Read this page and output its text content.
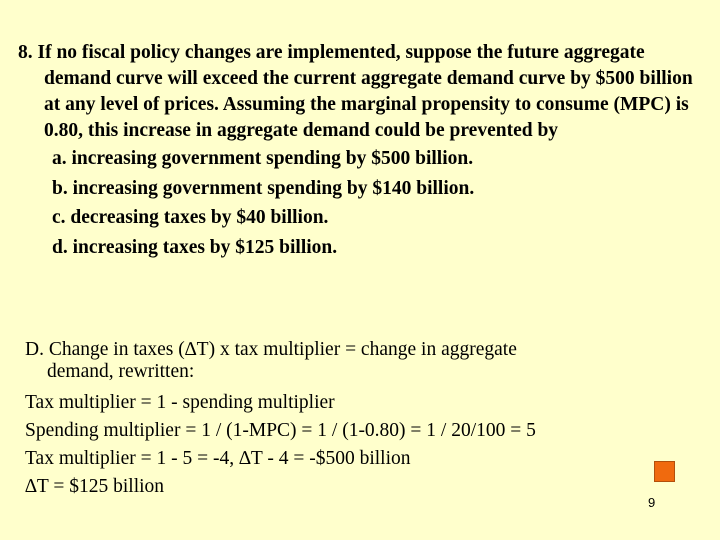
8. If no fiscal policy changes are implemented, suppose the future aggregate demand curve will exceed the current aggregate demand curve by $500 billion at any level of prices. Assuming the marginal propensity to consume (MPC) is 0.80, this increase in aggregate demand could be prevented by
a. increasing government spending by $500 billion.
b. increasing government spending by $140 billion.
c. decreasing taxes by $40 billion.
d. increasing taxes by $125 billion.
D. Change in taxes (∆T) x tax multiplier = change in aggregate
demand, rewritten:
Tax multiplier = 1 - spending multiplier
Spending multiplier = 1 / (1-MPC) = 1 / (1-0.80) = 1 / 20/100 = 5
Tax multiplier = 1 - 5 = -4, ∆T - 4 = -$500 billion
∆T = $125 billion
9
